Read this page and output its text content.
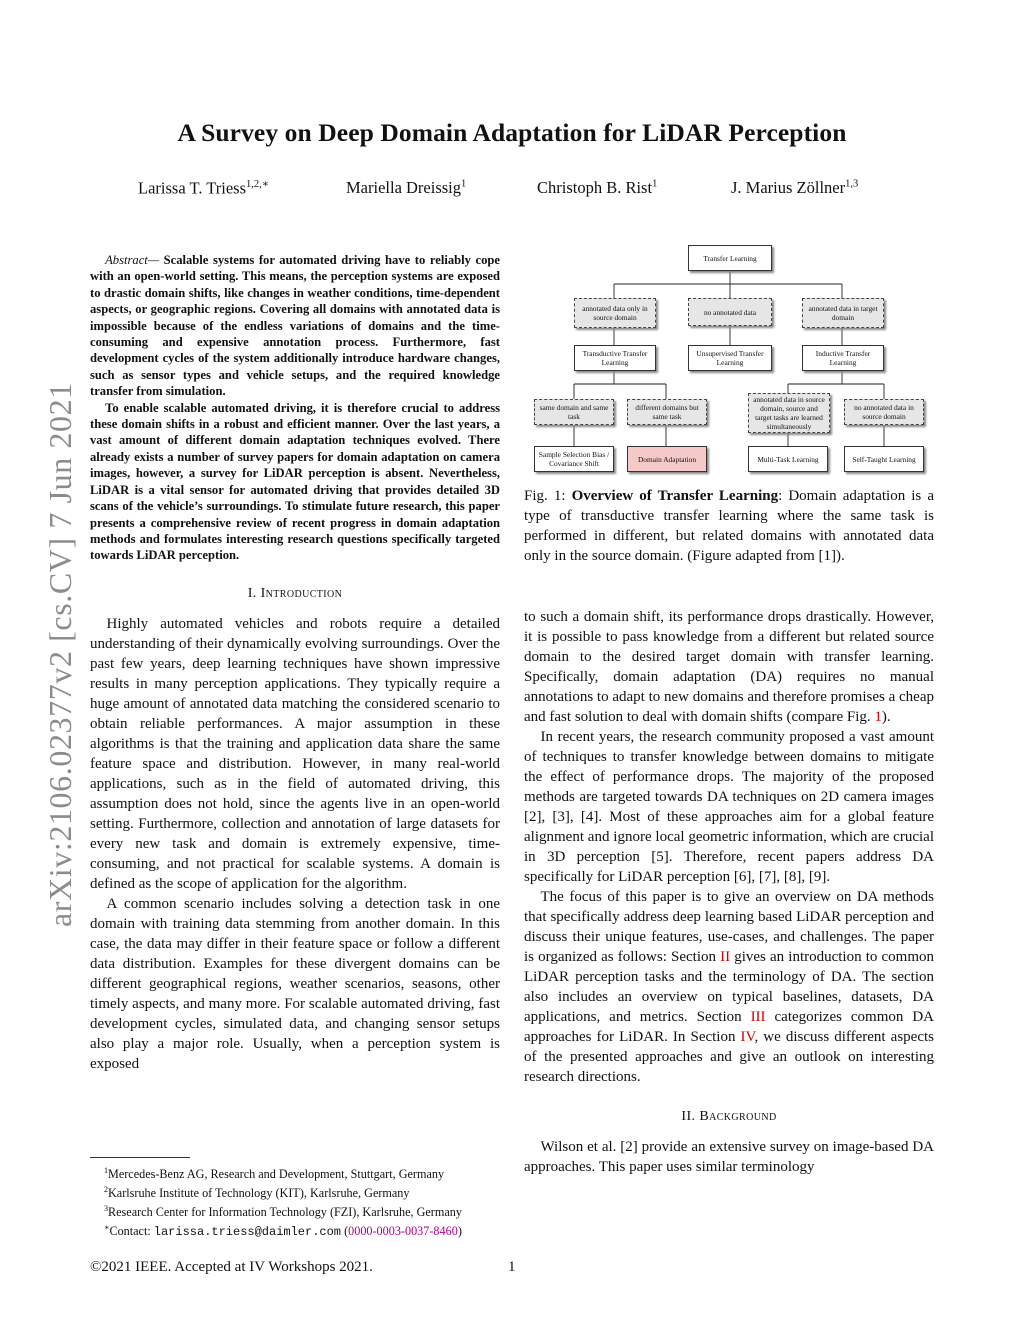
A Survey on Deep Domain Adaptation for LiDAR Perception
Larissa T. Triess$^{1,2,∗}$	Mariella Dreissig$^1$	Christoph B. Rist$^1$	J. Marius Zöllner$^{1,3}$
arXiv:2106.02377v2 [cs.CV] 7 Jun 2021

Abstract— Scalable systems for automated driving have to reliably cope with an open-world setting. This means, the perception systems are exposed to drastic domain shifts, like changes in weather conditions, time-dependent aspects, or geographic regions. Covering all domains with annotated data is impossible because of the endless variations of domains and the time-consuming and expensive annotation process. Furthermore, fast development cycles of the system additionally introduce hardware changes, such as sensor types and vehicle setups, and the required knowledge transfer from simulation.

To enable scalable automated driving, it is therefore crucial to address these domain shifts in a robust and efficient manner. Over the last years, a vast amount of different domain adaptation techniques evolved. There already exists a number of survey papers for domain adaptation on camera images, however, a survey for LiDAR perception is absent. Nevertheless, LiDAR is a vital sensor for automated driving that provides detailed 3D scans of the vehicle’s surroundings. To stimulate future research, this paper presents a comprehensive review of recent progress in domain adaptation methods and formulates interesting research questions specifically targeted towards LiDAR perception.

I. Introduction

Highly automated vehicles and robots require a detailed understanding of their dynamically evolving surroundings. Over the past few years, deep learning techniques have shown impressive results in many perception applications. They typically require a huge amount of annotated data matching the considered scenario to obtain reliable performances. A major assumption in these algorithms is that the training and application data share the same feature space and distribution. However, in many real-world applications, such as in the field of automated driving, this assumption does not hold, since the agents live in an open-world setting. Furthermore, collection and annotation of large datasets for every new task and domain is extremely expensive, time-consuming, and not practical for scalable systems. A domain is defined as the scope of application for the algorithm.

A common scenario includes solving a detection task in one domain with training data stemming from another domain. In this case, the data may differ in their feature space or follow a different data distribution. Examples for these divergent domains can be different geographical regions, weather scenarios, seasons, other timely aspects, and many more. For scalable automated driving, fast development cycles, simulated data, and changing sensor setups also play a major role. Usually, when a perception system is exposed

$^1$Mercedes-Benz AG, Research and Development, Stuttgart, Germany
$^2$Karlsruhe Institute of Technology (KIT), Karlsruhe, Germany
$^3$Research Center for Information Technology (FZI), Karlsruhe, Germany
∗Contact: larissa.triess@daimler.com (0000-0003-0037-8460)
Transfer Learning
annotated data only in source domain
no annotated data	annotated data in target domain
Transductive Transfer Learning
Unsupervised Transfer Learning
Inductive Transfer Learning
same domain and same task
different domains but same task
annotated data in source domain, source and target tasks are learned simultaneously
no annotated data in source domain
Sample Selection Bias / Covariance Shift	Domain Adaptation	Multi-Task Learning	Self-Taught Learning
Fig. 1: Overview of Transfer Learning: Domain adaptation is a type of transductive transfer learning where the same task is performed in different, but related domains with annotated data only in the source domain. (Figure adapted from [1]).

to such a domain shift, its performance drops drastically. However, it is possible to pass knowledge from a different but related source domain to the desired target domain with transfer learning. Specifically, domain adaptation (DA) requires no manual annotations to adapt to new domains and therefore promises a cheap and fast solution to deal with domain shifts (compare Fig. 1).

In recent years, the research community proposed a vast amount of techniques to transfer knowledge between domains to mitigate the effect of performance drops. The majority of the proposed methods are targeted towards DA techniques on 2D camera images [2], [3], [4]. Most of these approaches aim for a global feature alignment and ignore local geometric information, which are crucial in 3D perception [5]. Therefore, recent papers address DA specifically for LiDAR perception [6], [7], [8], [9].

The focus of this paper is to give an overview on DA methods that specifically address deep learning based LiDAR perception and discuss their unique features, use-cases, and challenges. The paper is organized as follows: Section II gives an introduction to common LiDAR perception tasks and the terminology of DA. The section also includes an overview on typical baselines, datasets, DA applications, and metrics. Section III categorizes common DA approaches for LiDAR. In Section IV, we discuss different aspects of the presented approaches and give an outlook on interesting research directions.

II. Background

Wilson et al. [2] provide an extensive survey on image-based DA approaches. This paper uses similar terminology

©2021 IEEE. Accepted at IV Workshops 2021.	1
